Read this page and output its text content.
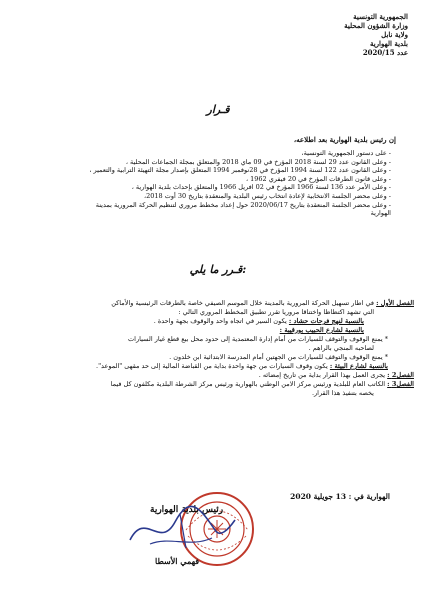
الجمهورية التونسية
وزارة الشؤون المحلية
ولاية نابل
بلدية الهوارية
عدد 2020/15
قـرار
إن رئيس بلدية الهوارية بعد اطلاعه،
- على دستور الجمهورية التونسية،
- وعلى القانون عدد 29 لسنة 2018 المؤرخ في 09 ماي 2018 والمتعلق بمجلة الجماعات المحلية ،
- وعلى القانون عدد 122 لسنة 1994 المؤرخ في 28نوفمبر 1994 المتعلق بإصدار مجلة التهيئة الترابية والتعمير ،
- وعلى قانون الطرقات المؤرخ في 20 فيفري 1962 ،
- وعلى الأمر عدد 136 لسنة 1966 المؤرخ في 02 افريل 1966 والمتعلق بإحداث بلدية الهوارية ،
- وعلى محضر الجلسة الانتخابية لإعادة انتخاب رئيس البلدية والمنعقدة بتاريخ 30 أوت 2018،
- وعلى محضر الجلسة المنعقدة بتاريخ 2020/06/17 حول إعداد مخطط مروري لتنظيم الحركة المرورية بمدينة
الهوارية
قـرر ما يلي:
الفصل الأول : في اطار تسهيل الحركة المرورية بالمدينة خلال الموسم الصيفي خاصة بالطرقات الرئيسية والأماكن
التي تشهد اكتظاظا واختناقا مروريا تقرر تطبيق المخطط المروري التالي :
بالنسبة لنهج فرحات حشاد : يكون السير في اتجاه واحد والوقوف بجهة واحدة .
بالنسبة لشارع الحبيب بورقيبة :
* يمنع الوقوف والتوقف للسيارات من أمام إدارة المعتمدية إلى حدود محل بيع قطع غيار السيارات
لصاحبه المنجي بالراهم .
* يمنع الوقوف والتوقف للسيارات من الجهتين أمام المدرسة الابتدائية ابن خلدون .
بالنسبة لشارع البيئة : يكون وقوف السيارات من جهة واحدة بداية من القباضة المالية إلى حد مقهى "الموعد".
الفصل2 : يجرى العمل بهذا القرار بداية من تاريخ إمضائه .
الفصل3 : الكاتب العام للبلدية ورئيس مركز الامن الوطني بالهوارية ورئيس مركز الشرطة البلدية مكلفون كل فيما
يخصه بتنفيذ هذا القرار.
الهوارية في : 13 جويلية 2020
رئيس بلدية الهوارية
فهمي الأسطا
